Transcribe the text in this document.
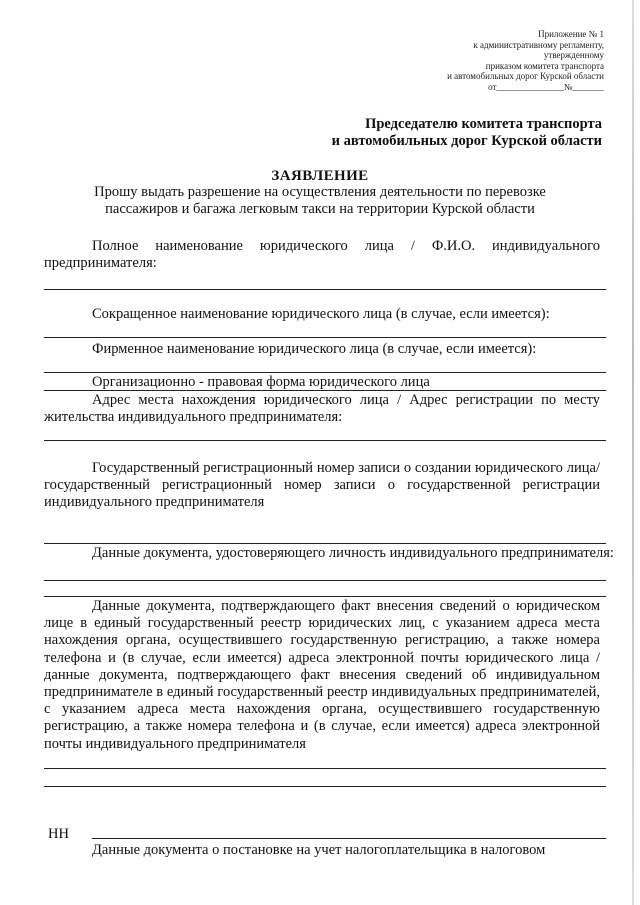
Приложение № 1
к административному регламенту,
утвержденному
приказом комитета транспорта
и автомобильных дорог Курской области
от_______________№_______
Председателю комитета транспорта
и автомобильных дорог Курской области
ЗАЯВЛЕНИЕ
Прошу выдать разрешение на осуществления деятельности по перевозке
пассажиров и багажа легковым такси на территории Курской области
Полное наименование юридического лица / Ф.И.О. индивидуального предпринимателя:
Сокращенное наименование юридического лица (в случае, если имеется):
Фирменное наименование юридического лица (в случае, если имеется):
Организационно - правовая форма юридического лица
Адрес места нахождения юридического лица / Адрес регистрации по месту жительства индивидуального предпринимателя:
Государственный регистрационный номер записи о создании юридического лица/ государственный регистрационный номер записи о государственной регистрации индивидуального предпринимателя
Данные документа, удостоверяющего личность индивидуального предпринимателя:
Данные документа, подтверждающего факт внесения сведений о юридическом лице в единый государственный реестр юридических лиц, с указанием адреса места нахождения органа, осуществившего государственную регистрацию, а также номера телефона и (в случае, если имеется) адреса электронной почты юридического лица /данные документа, подтверждающего факт внесения сведений об индивидуальном предпринимателе в единый государственный реестр индивидуальных предпринимателей, с указанием адреса места нахождения органа, осуществившего государственную регистрацию, а также номера телефона и (в случае, если имеется) адреса электронной почты индивидуального предпринимателя
НН
Данные документа о постановке на учет налогоплательщика в налоговом
